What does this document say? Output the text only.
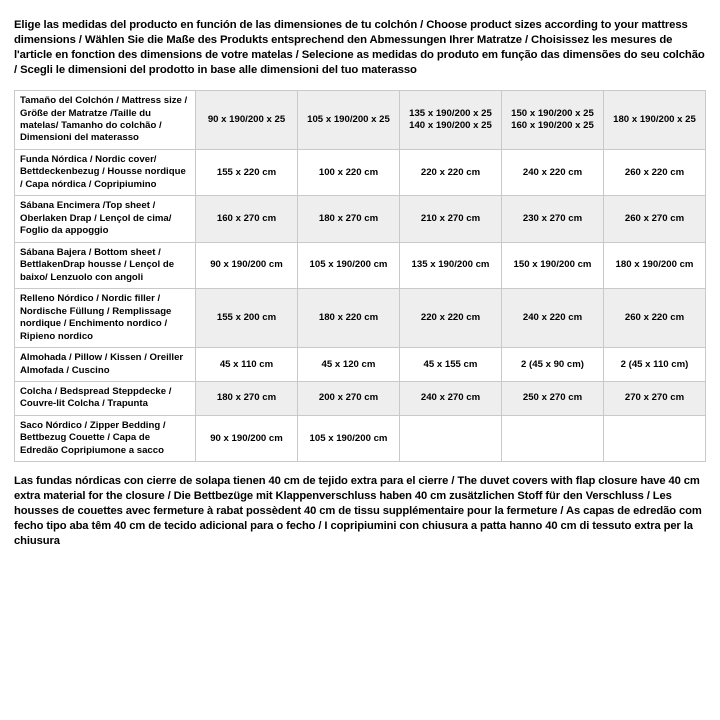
Elige las medidas del producto en función de las dimensiones de tu colchón / Choose product sizes according to your mattress dimensions / Wählen Sie die Maße des Produkts entsprechend den Abmessungen Ihrer Matratze / Choisissez les mesures de l'article en fonction des dimensions de votre matelas / Selecione as medidas do produto em função das dimensões do seu colchão / Scegli le dimensioni del prodotto in base alle dimensioni del tuo materasso
Tamaño del Colchón / Mattress size / Größe der Matratze /Taille du matelas/ Tamanho do colchão / Dimensioni del materasso	90 x 190/200 x 25	105 x 190/200 x 25	135 x 190/200 x 25 140 x 190/200 x 25	150 x 190/200 x 25 160 x 190/200 x 25	180 x 190/200 x 25
Funda Nórdica / Nordic cover/ Bettdeckenbezug / Housse nordique / Capa nórdica / Copripiumino	155 x 220 cm	100 x 220 cm	220 x 220 cm	240 x 220 cm	260 x 220 cm
Sábana Encimera /Top sheet / Oberlaken Drap / Lençol de cima/ Foglio da appoggio	160 x 270 cm	180 x 270 cm	210 x 270 cm	230 x 270 cm	260 x 270 cm
Sábana Bajera / Bottom sheet / BettlakenDrap housse / Lençol de baixo/ Lenzuolo con angoli	90 x 190/200 cm	105 x 190/200 cm	135 x 190/200 cm	150 x 190/200 cm	180 x 190/200 cm
Relleno Nórdico / Nordic filler / Nordische Füllung / Remplissage nordique / Enchimento nordico / Ripieno nordico	155 x 200 cm	180 x 220 cm	220 x 220 cm	240 x 220 cm	260 x 220 cm
Almohada / Pillow / Kissen / Oreiller Almofada / Cuscino	45 x 110 cm	45 x 120 cm	45 x 155 cm	2 (45 x 90 cm)	2 (45 x 110 cm)
Colcha / Bedspread Steppdecke / Couvre-lit Colcha / Trapunta	180 x 270 cm	200 x 270 cm	240 x 270 cm	250 x 270 cm	270 x 270 cm
Saco Nórdico / Zipper Bedding / Bettbezug Couette / Capa de Edredão Copripiumone a sacco	90 x 190/200 cm	105 x 190/200 cm			
Las fundas nórdicas con cierre de solapa tienen 40 cm de tejido extra para el cierre / The duvet covers with flap closure have 40 cm extra material for the closure / Die Bettbezüge mit Klappenverschluss haben 40 cm zusätzlichen Stoff für den Verschluss / Les housses de couettes avec fermeture à rabat possèdent 40 cm de tissu supplémentaire pour la fermeture / As capas de edredão com fecho tipo aba têm 40 cm de tecido adicional para o fecho / I copripiumini con chiusura a patta hanno 40 cm di tessuto extra per la chiusura
